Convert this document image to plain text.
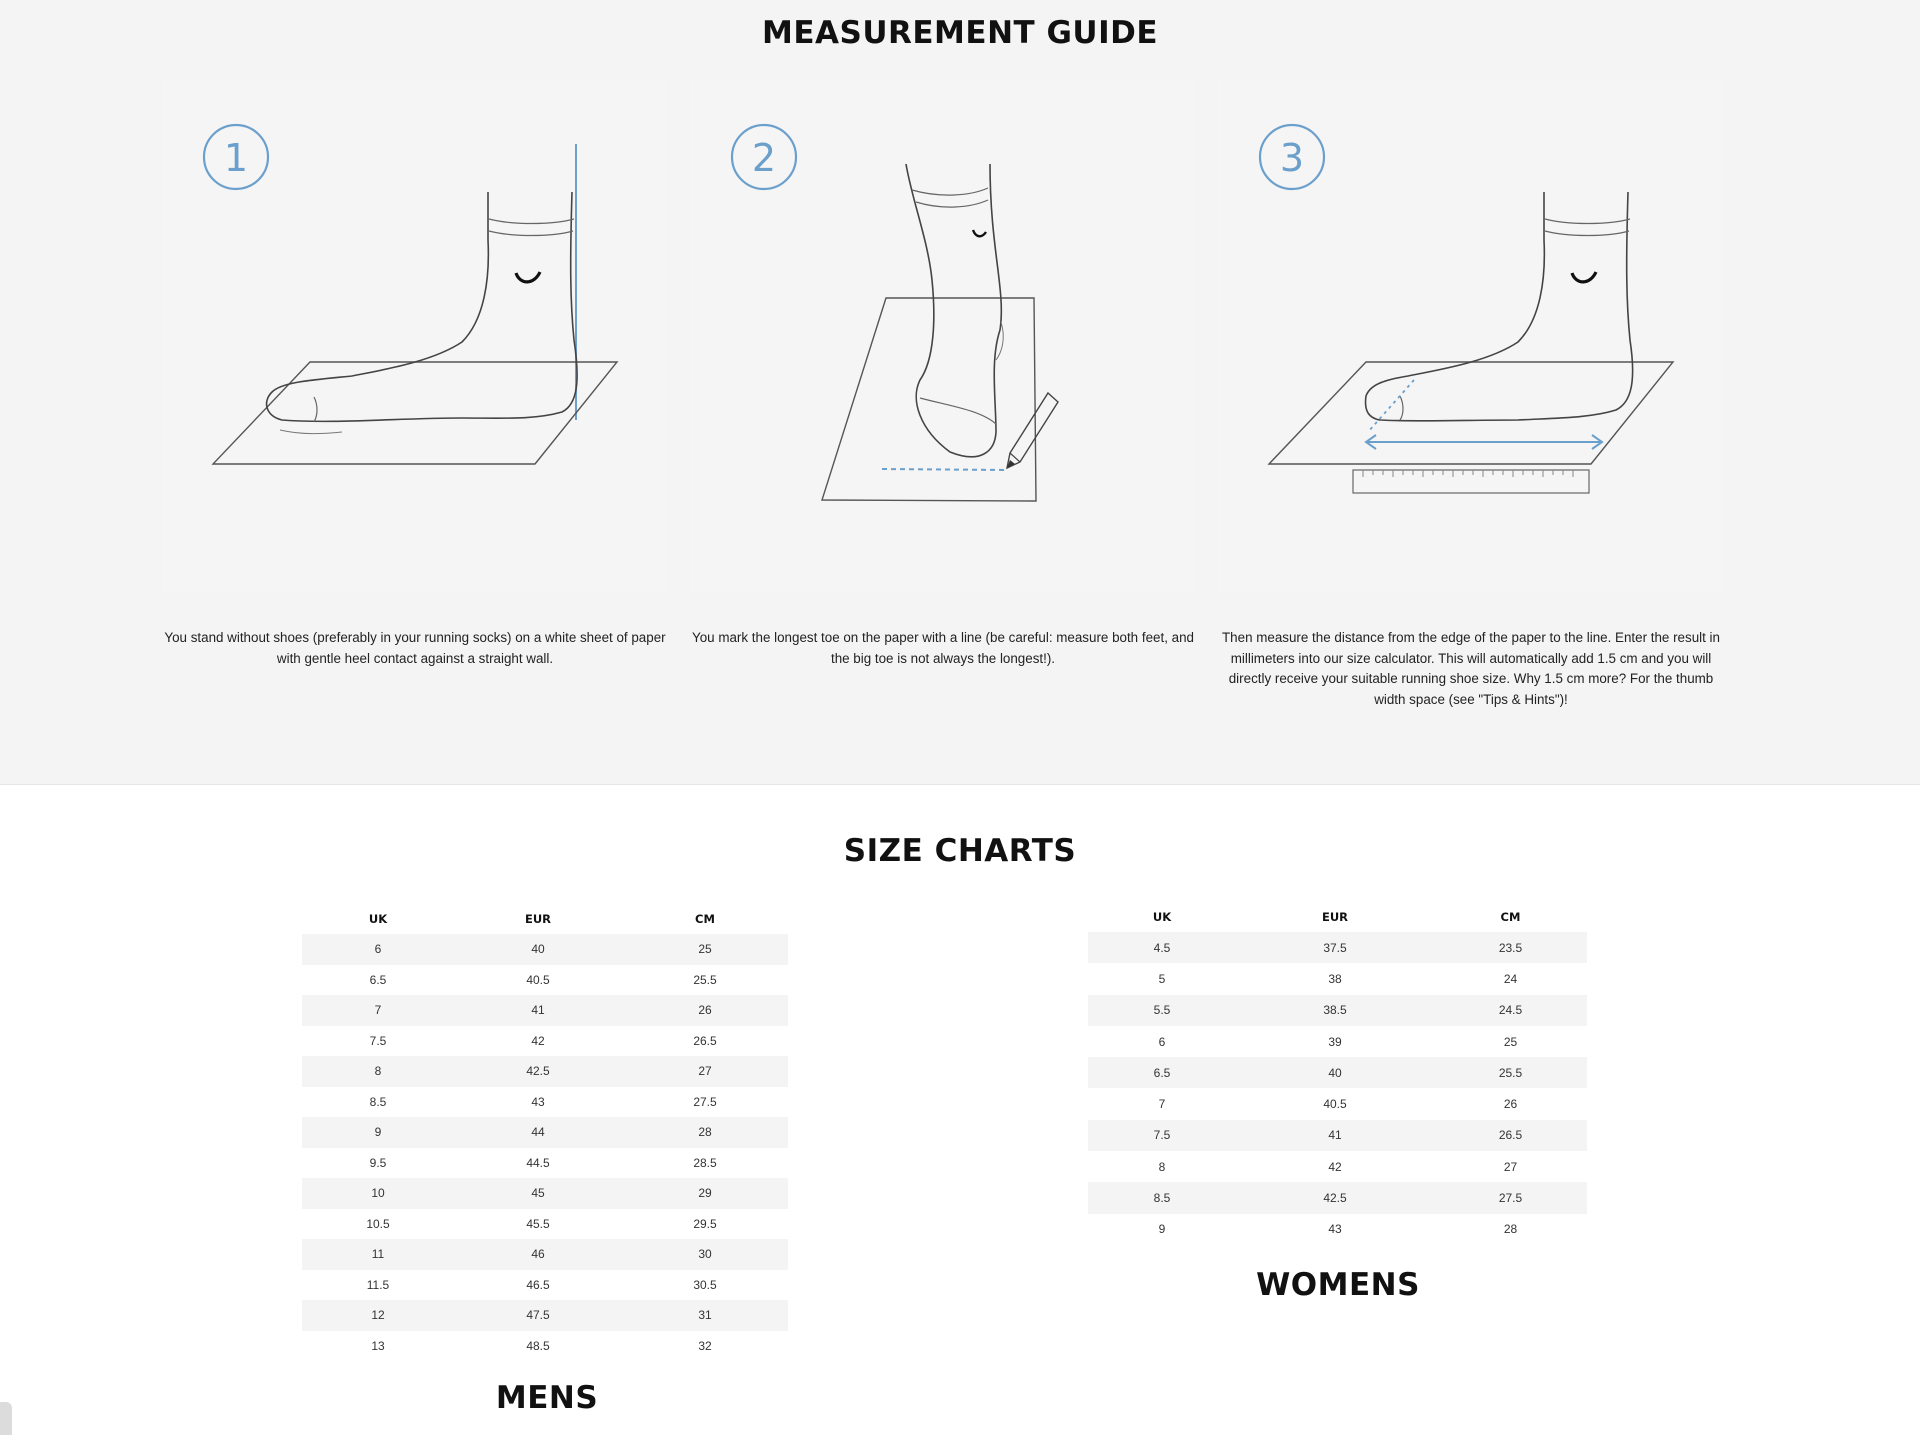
MEASUREMENT GUIDE
1	2	3

You stand without shoes (preferably in your running socks) on a white sheet of paper with gentle heel contact against a straight wall.

You mark the longest toe on the paper with a line (be careful: measure both feet, and the big toe is not always the longest!).

Then measure the distance from the edge of the paper to the line. Enter the result in millimeters into our size calculator. This will automatically add 1.5 cm and you will directly receive your suitable running shoe size. Why 1.5 cm more? For the thumb width space (see "Tips & Hints")!

SIZE CHARTS
UK	EUR	CM
6	40	25
6.5	40.5	25.5
7	41	26
7.5	42	26.5
8	42.5	27
8.5	43	27.5
9	44	28
9.5	44.5	28.5
10	45	29
10.5	45.5	29.5
11	46	30
11.5	46.5	30.5
12	47.5	31
13	48.5	32
MENS
UK	EUR	CM
4.5	37.5	23.5
5	38	24
5.5	38.5	24.5
6	39	25
6.5	40	25.5
7	40.5	26
7.5	41	26.5
8	42	27
8.5	42.5	27.5
9	43	28
WOMENS
